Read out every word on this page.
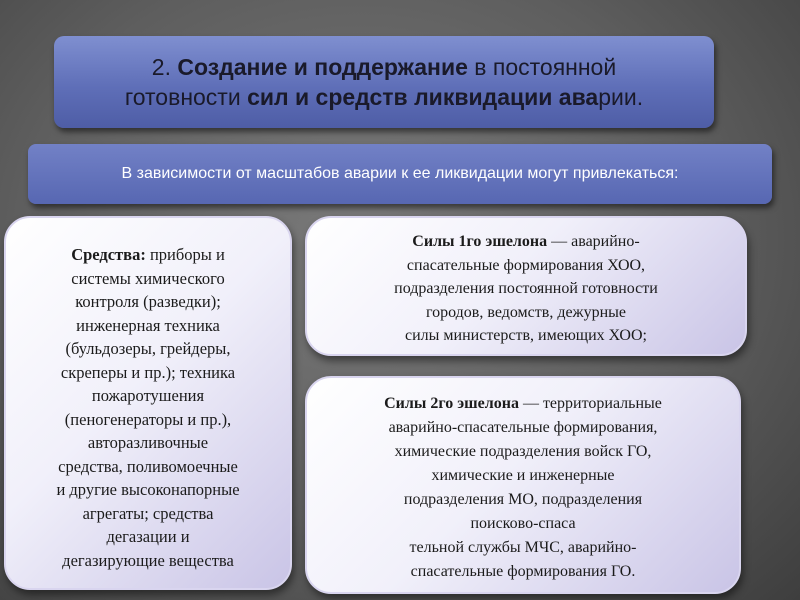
2. Создание и поддержание в постоянной
готовности сил и средств ликвидации аварии.
В зависимости от масштабов аварии к ее ликвидации могут привлекаться:
Средства: приборы и
системы химического
контроля (разведки);
инженерная техника
(бульдозеры, грейдеры,
скреперы и пр.); техника
пожаротушения
(пеногенераторы и пр.),
авторазливочные
средства, поливомоечные
и другие высоконапорные
агрегаты; средства
дегазации и
дегазирующие вещества
Силы 1го эшелона — аварийно-
спасательные формирования ХОО,
подразделения постоянной готовности
городов, ведомств, дежурные
силы министерств, имеющих ХОО;
Силы 2го эшелона — территориальные
аварийно-спасательные формирования,
химические подразделения войск ГО,
химические и инженерные
подразделения МО, подразделения
поисково-спаса
тельной службы МЧС, аварийно-
спасательные формирования ГО.
